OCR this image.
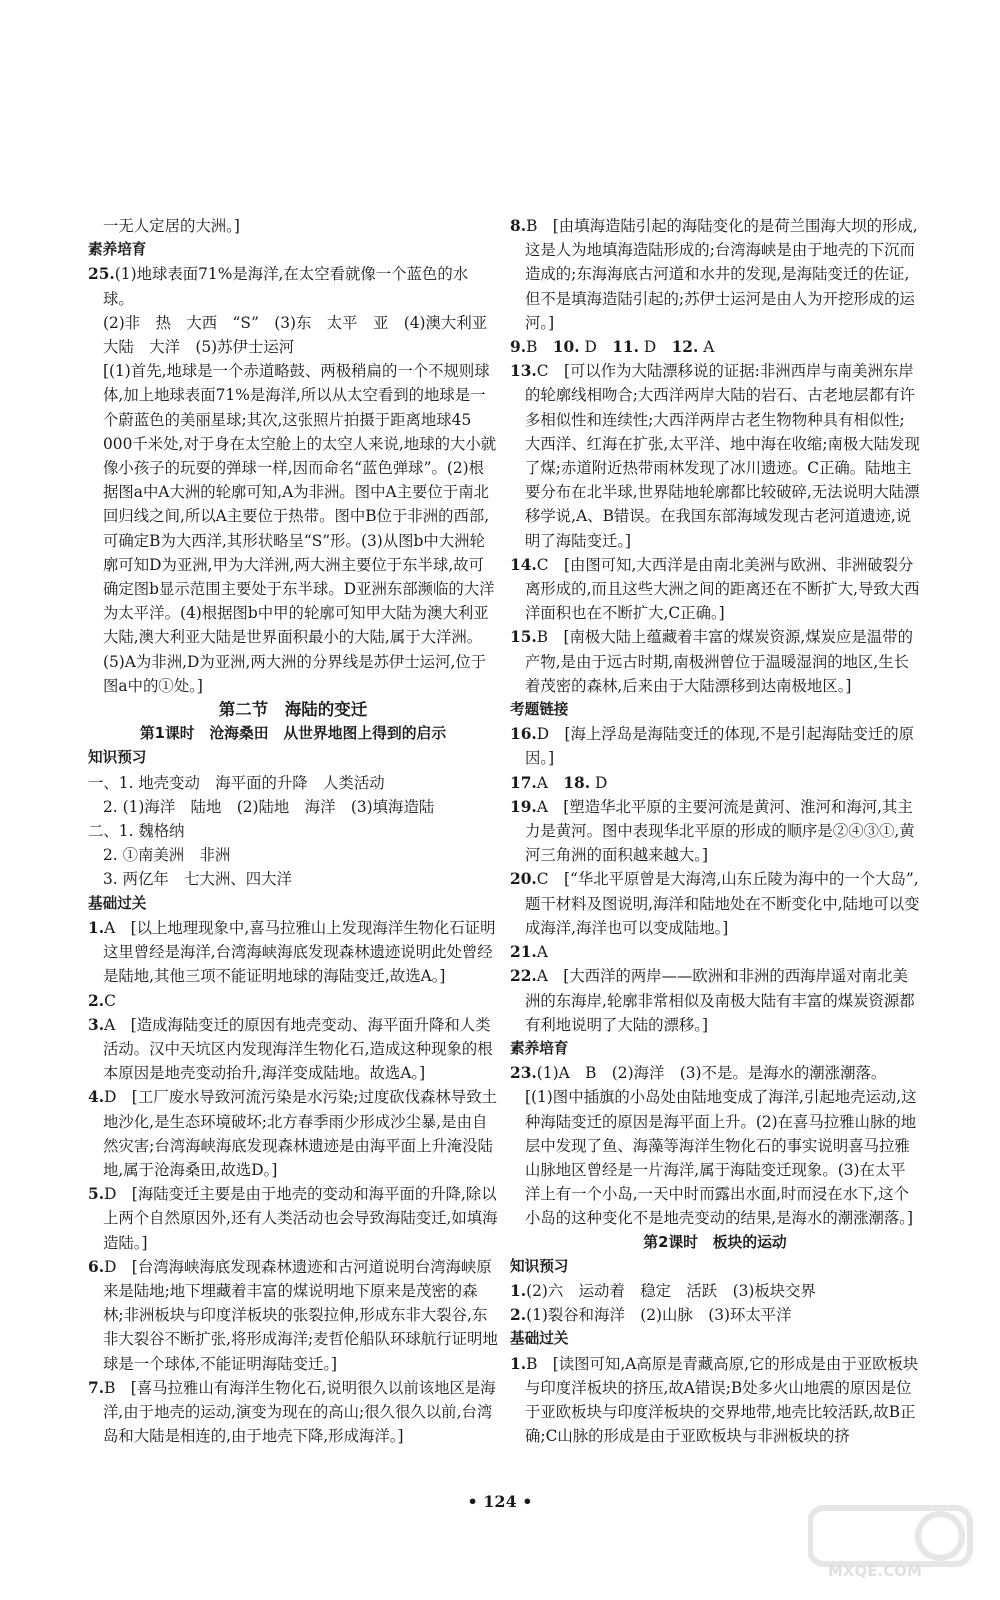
一无人定居的大洲。]

素养培育

25.(1)地球表面71%是海洋,在太空看就像一个蓝色的水球。

(2)非　热　大西　“S”　(3)东　太平　亚　(4)澳大利亚大陆　大洋　(5)苏伊士运河

[(1)首先,地球是一个赤道略鼓、两极稍扁的一个不规则球体,加上地球表面71%是海洋,所以从太空看到的地球是一个蔚蓝色的美丽星球;其次,这张照片拍摄于距离地球45 000千米处,对于身在太空舱上的太空人来说,地球的大小就像小孩子的玩耍的弹球一样,因而命名“蓝色弹球”。(2)根据图a中A大洲的轮廓可知,A为非洲。图中A主要位于南北回归线之间,所以A主要位于热带。图中B位于非洲的西部,可确定B为大西洋,其形状略呈“S”形。(3)从图b中大洲轮廓可知D为亚洲,甲为大洋洲,两大洲主要位于东半球,故可确定图b显示范围主要处于东半球。D亚洲东部濒临的大洋为太平洋。(4)根据图b中甲的轮廓可知甲大陆为澳大利亚大陆,澳大利亚大陆是世界面积最小的大陆,属于大洋洲。(5)A为非洲,D为亚洲,两大洲的分界线是苏伊士运河,位于图a中的①处。]

第二节　海陆的变迁

第1课时　沧海桑田　从世界地图上得到的启示

知识预习

一、1. 地壳变动　海平面的升降　人类活动

2. (1)海洋　陆地　(2)陆地　海洋　(3)填海造陆

二、1. 魏格纳

2. ①南美洲　非洲

3. 两亿年　七大洲、四大洋

基础过关

1.A　[以上地理现象中,喜马拉雅山上发现海洋生物化石证明这里曾经是海洋,台湾海峡海底发现森林遗迹说明此处曾经是陆地,其他三项不能证明地球的海陆变迁,故选A。]

2.C

3.A　[造成海陆变迁的原因有地壳变动、海平面升降和人类活动。汉中天坑区内发现海洋生物化石,造成这种现象的根本原因是地壳变动抬升,海洋变成陆地。故选A。]

4.D　[工厂废水导致河流污染是水污染;过度砍伐森林导致土地沙化,是生态环境破坏;北方春季雨少形成沙尘暴,是由自然灾害;台湾海峡海底发现森林遗迹是由海平面上升淹没陆地,属于沧海桑田,故选D。]

5.D　[海陆变迁主要是由于地壳的变动和海平面的升降,除以上两个自然原因外,还有人类活动也会导致海陆变迁,如填海造陆。]

6.D　[台湾海峡海底发现森林遗迹和古河道说明台湾海峡原来是陆地;地下埋藏着丰富的煤说明地下原来是茂密的森林;非洲板块与印度洋板块的张裂拉伸,形成东非大裂谷,东非大裂谷不断扩张,将形成海洋;麦哲伦船队环球航行证明地球是一个球体,不能证明海陆变迁。]

7.B　[喜马拉雅山有海洋生物化石,说明很久以前该地区是海洋,由于地壳的运动,演变为现在的高山;很久很久以前,台湾岛和大陆是相连的,由于地壳下降,形成海洋。]

8.B　[由填海造陆引起的海陆变化的是荷兰围海大坝的形成,这是人为地填海造陆形成的;台湾海峡是由于地壳的下沉而造成的;东海海底古河道和水井的发现,是海陆变迁的佐证,但不是填海造陆引起的;苏伊士运河是由人为开挖形成的运河。]

9.B　10. D　11. D　12. A

13.C　[可以作为大陆漂移说的证据:非洲西岸与南美洲东岸的轮廓线相吻合;大西洋两岸大陆的岩石、古老地层都有许多相似性和连续性;大西洋两岸古老生物物种具有相似性;大西洋、红海在扩张,太平洋、地中海在收缩;南极大陆发现了煤;赤道附近热带雨林发现了冰川遗迹。C正确。陆地主要分布在北半球,世界陆地轮廓都比较破碎,无法说明大陆漂移学说,A、B错误。在我国东部海域发现古老河道遗迹,说明了海陆变迁。]

14.C　[由图可知,大西洋是由南北美洲与欧洲、非洲破裂分离形成的,而且这些大洲之间的距离还在不断扩大,导致大西洋面积也在不断扩大,C正确。]

15.B　[南极大陆上蕴藏着丰富的煤炭资源,煤炭应是温带的产物,是由于远古时期,南极洲曾位于温暖湿润的地区,生长着茂密的森林,后来由于大陆漂移到达南极地区。]

考题链接

16.D　[海上浮岛是海陆变迁的体现,不是引起海陆变迁的原因。]

17.A　18. D

19.A　[塑造华北平原的主要河流是黄河、淮河和海河,其主力是黄河。图中表现华北平原的形成的顺序是②④③①,黄河三角洲的面积越来越大。]

20.C　[“华北平原曾是大海湾,山东丘陵为海中的一个大岛”,题干材料及图说明,海洋和陆地处在不断变化中,陆地可以变成海洋,海洋也可以变成陆地。]

21.A

22.A　[大西洋的两岸——欧洲和非洲的西海岸遥对南北美洲的东海岸,轮廓非常相似及南极大陆有丰富的煤炭资源都有利地说明了大陆的漂移。]

素养培育

23.(1)A　B　(2)海洋　(3)不是。是海水的潮涨潮落。

[(1)图中插旗的小岛处由陆地变成了海洋,引起地壳运动,这种海陆变迁的原因是海平面上升。(2)在喜马拉雅山脉的地层中发现了鱼、海藻等海洋生物化石的事实说明喜马拉雅山脉地区曾经是一片海洋,属于海陆变迁现象。(3)在太平洋上有一个小岛,一天中时而露出水面,时而浸在水下,这个小岛的这种变化不是地壳变动的结果,是海水的潮涨潮落。]

第2课时　板块的运动

知识预习

1.(2)六　运动着　稳定　活跃　(3)板块交界

2.(1)裂谷和海洋　(2)山脉　(3)环太平洋

基础过关

1.B　[读图可知,A高原是青藏高原,它的形成是由于亚欧板块与印度洋板块的挤压,故A错误;B处多火山地震的原因是位于亚欧板块与印度洋板块的交界地带,地壳比较活跃,故B正确;C山脉的形成是由于亚欧板块与非洲板块的挤

• 124 •
MXQE.COM
